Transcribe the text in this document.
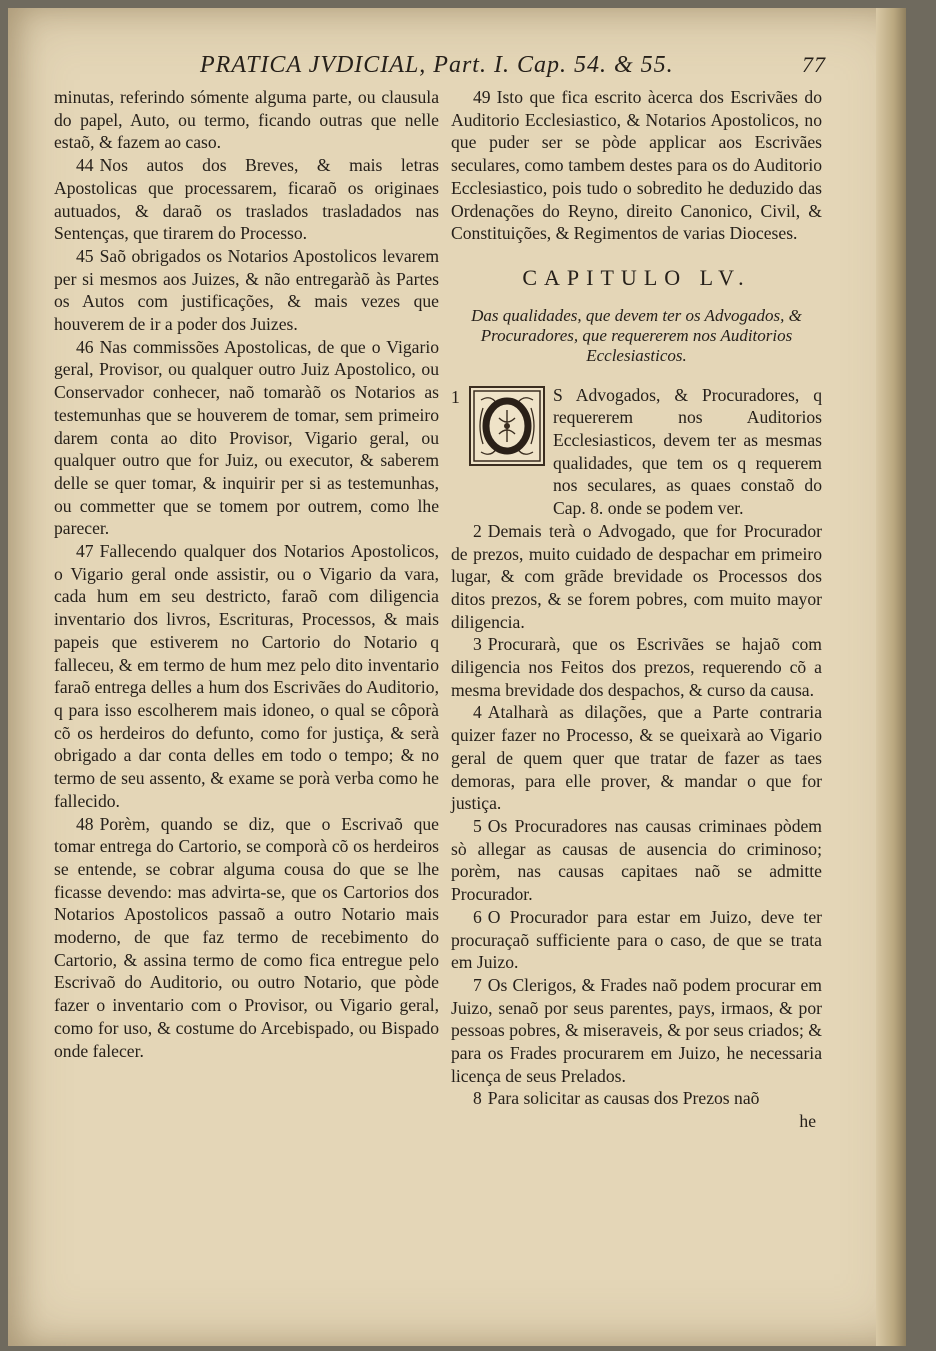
PRATICA JVDICIAL, Part. I. Cap. 54. & 55.	77

minutas, referindo sómente alguma parte, ou clausula do papel, Auto, ou termo, ficando outras que nelle estaõ, & fazem ao caso.

44 Nos autos dos Breves, & mais letras Apostolicas que processarem, ficaraõ os originaes autuados, & daraõ os traslados trasladados nas Sentenças, que tirarem do Processo.

45 Saõ obrigados os Notarios Apostolicos levarem per si mesmos aos Juizes, & não entregaràõ às Partes os Autos com justificações, & mais vezes que houverem de ir a poder dos Juizes.

46 Nas commissões Apostolicas, de que o Vigario geral, Provisor, ou qualquer outro Juiz Apostolico, ou Conservador conhecer, naõ tomaràõ os Notarios as testemunhas que se houverem de tomar, sem primeiro darem conta ao dito Provisor, Vigario geral, ou qualquer outro que for Juiz, ou executor, & saberem delle se quer tomar, & inquirir per si as testemunhas, ou commetter que se tomem por outrem, como lhe parecer.

47 Fallecendo qualquer dos Notarios Apostolicos, o Vigario geral onde assistir, ou o Vigario da vara, cada hum em seu destricto, faraõ com diligencia inventario dos livros, Escrituras, Processos, & mais papeis que estiverem no Cartorio do Notario q falleceu, & em termo de hum mez pelo dito inventario faraõ entrega delles a hum dos Escrivães do Auditorio, q para isso escolherem mais idoneo, o qual se côporà cõ os herdeiros do defunto, como for justiça, & serà obrigado a dar conta delles em todo o tempo; & no termo de seu assento, & exame se porà verba como he fallecido.

48 Porèm, quando se diz, que o Escrivaõ que tomar entrega do Cartorio, se comporà cõ os herdeiros se entende, se cobrar alguma cousa do que se lhe ficasse devendo: mas advirta-se, que os Cartorios dos Notarios Apostolicos passaõ a outro Notario mais moderno, de que faz termo de recebimento do Cartorio, & assina termo de como fica entregue pelo Escrivaõ do Auditorio, ou outro Notario, que pòde fazer o inventario com o Provisor, ou Vigario geral, como for uso, & costume do Arcebispado, ou Bispado onde falecer.

49 Isto que fica escrito àcerca dos Escrivães do Auditorio Ecclesiastico, & Notarios Apostolicos, no que puder ser se pòde applicar aos Escrivães seculares, como tambem destes para os do Auditorio Ecclesiastico, pois tudo o sobredito he deduzido das Ordenações do Reyno, direito Canonico, Civil, & Constituições, & Regimentos de varias Dioceses.

CAPITULO LV.
Das qualidades, que devem ter os Advogados, & Procuradores, que requererem nos Auditorios Ecclesiasticos.
1	S Advogados, & Procuradores, q requererem nos Auditorios Ecclesiasticos, devem ter as mesmas qualidades, que tem os q requerem nos seculares, as quaes constaõ do Cap. 8. onde se podem ver.

2 Demais terà o Advogado, que for Procurador de prezos, muito cuidado de despachar em primeiro lugar, & com grãde brevidade os Processos dos ditos prezos, & se forem pobres, com muito mayor diligencia.

3 Procurarà, que os Escrivães se hajaõ com diligencia nos Feitos dos prezos, requerendo cõ a mesma brevidade dos despachos, & curso da causa.

4 Atalharà as dilações, que a Parte contraria quizer fazer no Processo, & se queixarà ao Vigario geral de quem quer que tratar de fazer as taes demoras, para elle prover, & mandar o que for justiça.

5 Os Procuradores nas causas criminaes pòdem sò allegar as causas de ausencia do criminoso; porèm, nas causas capitaes naõ se admitte Procurador.

6 O Procurador para estar em Juizo, deve ter procuraçaõ sufficiente para o caso, de que se trata em Juizo.

7 Os Clerigos, & Frades naõ podem procurar em Juizo, senaõ por seus parentes, pays, irmaos, & por pessoas pobres, & miseraveis, & por seus criados; & para os Frades procurarem em Juizo, he necessaria licença de seus Prelados.

8 Para solicitar as causas dos Prezos naõ

he
